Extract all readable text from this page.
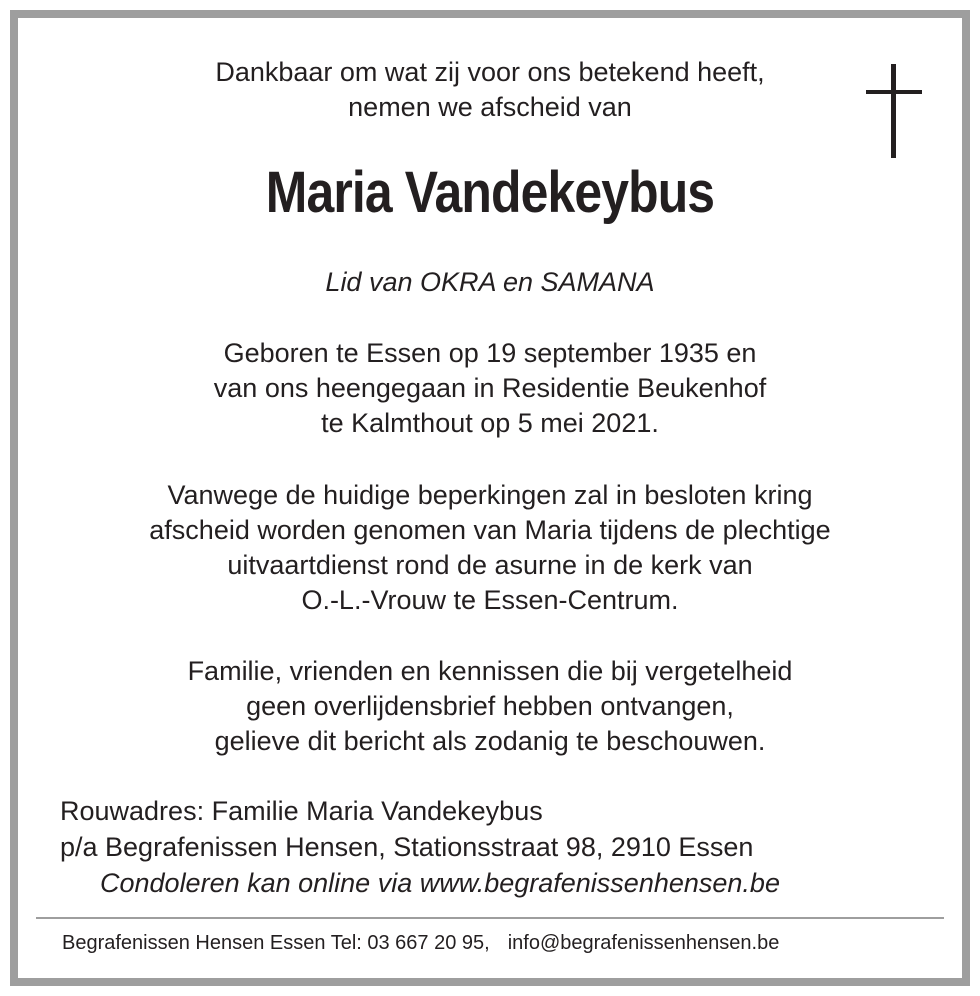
Dankbaar om wat zij voor ons betekend heeft,
nemen we afscheid van
Maria Vandekeybus
Lid van OKRA en SAMANA
Geboren te Essen op 19 september 1935 en
van ons heengegaan in Residentie Beukenhof
te Kalmthout op 5 mei 2021.
Vanwege de huidige beperkingen zal in besloten kring
afscheid worden genomen van Maria tijdens de plechtige
uitvaartdienst rond de asurne in de kerk van
O.-L.-Vrouw te Essen-Centrum.
Familie, vrienden en kennissen die bij vergetelheid
geen overlijdensbrief hebben ontvangen,
gelieve dit bericht als zodanig te beschouwen.
Rouwadres: Familie Maria Vandekeybus
p/a Begrafenissen Hensen, Stationsstraat 98, 2910 Essen
Condoleren kan online via www.begrafenissenhensen.be
Begrafenissen Hensen Essen Tel: 03 667 20 95, info@begrafenissenhensen.be
